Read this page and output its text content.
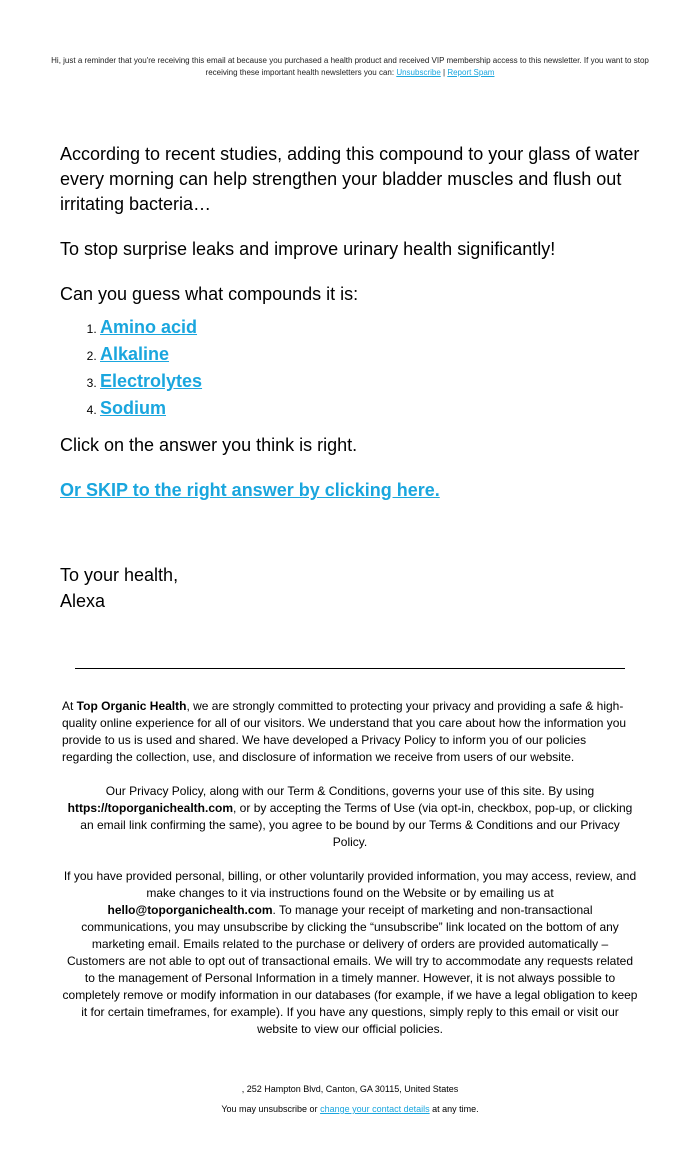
Hi, just a reminder that you're receiving this email at because you purchased a health product and received VIP membership access to this newsletter. If you want to stop receiving these important health newsletters you can: Unsubscribe | Report Spam

According to recent studies, adding this compound to your glass of water every morning can help strengthen your bladder muscles and flush out irritating bacteria…

To stop surprise leaks and improve urinary health significantly!

Can you guess what compounds it is:

1. Amino acid
2. Alkaline
3. Electrolytes
4. Sodium

Click on the answer you think is right.

Or SKIP to the right answer by clicking here.
To your health,
Alexa

At Top Organic Health, we are strongly committed to protecting your privacy and providing a safe & high-quality online experience for all of our visitors. We understand that you care about how the information you provide to us is used and shared. We have developed a Privacy Policy to inform you of our policies regarding the collection, use, and disclosure of information we receive from users of our website.

Our Privacy Policy, along with our Term & Conditions, governs your use of this site. By using https://toporganichealth.com, or by accepting the Terms of Use (via opt-in, checkbox, pop-up, or clicking an email link confirming the same), you agree to be bound by our Terms & Conditions and our Privacy Policy.

If you have provided personal, billing, or other voluntarily provided information, you may access, review, and make changes to it via instructions found on the Website or by emailing us at hello@toporganichealth.com. To manage your receipt of marketing and non-transactional communications, you may unsubscribe by clicking the “unsubscribe” link located on the bottom of any marketing email. Emails related to the purchase or delivery of orders are provided automatically – Customers are not able to opt out of transactional emails. We will try to accommodate any requests related to the management of Personal Information in a timely manner. However, it is not always possible to completely remove or modify information in our databases (for example, if we have a legal obligation to keep it for certain timeframes, for example). If you have any questions, simply reply to this email or visit our website to view our official policies.

, 252 Hampton Blvd, Canton, GA 30115, United States
You may unsubscribe or change your contact details at any time.
